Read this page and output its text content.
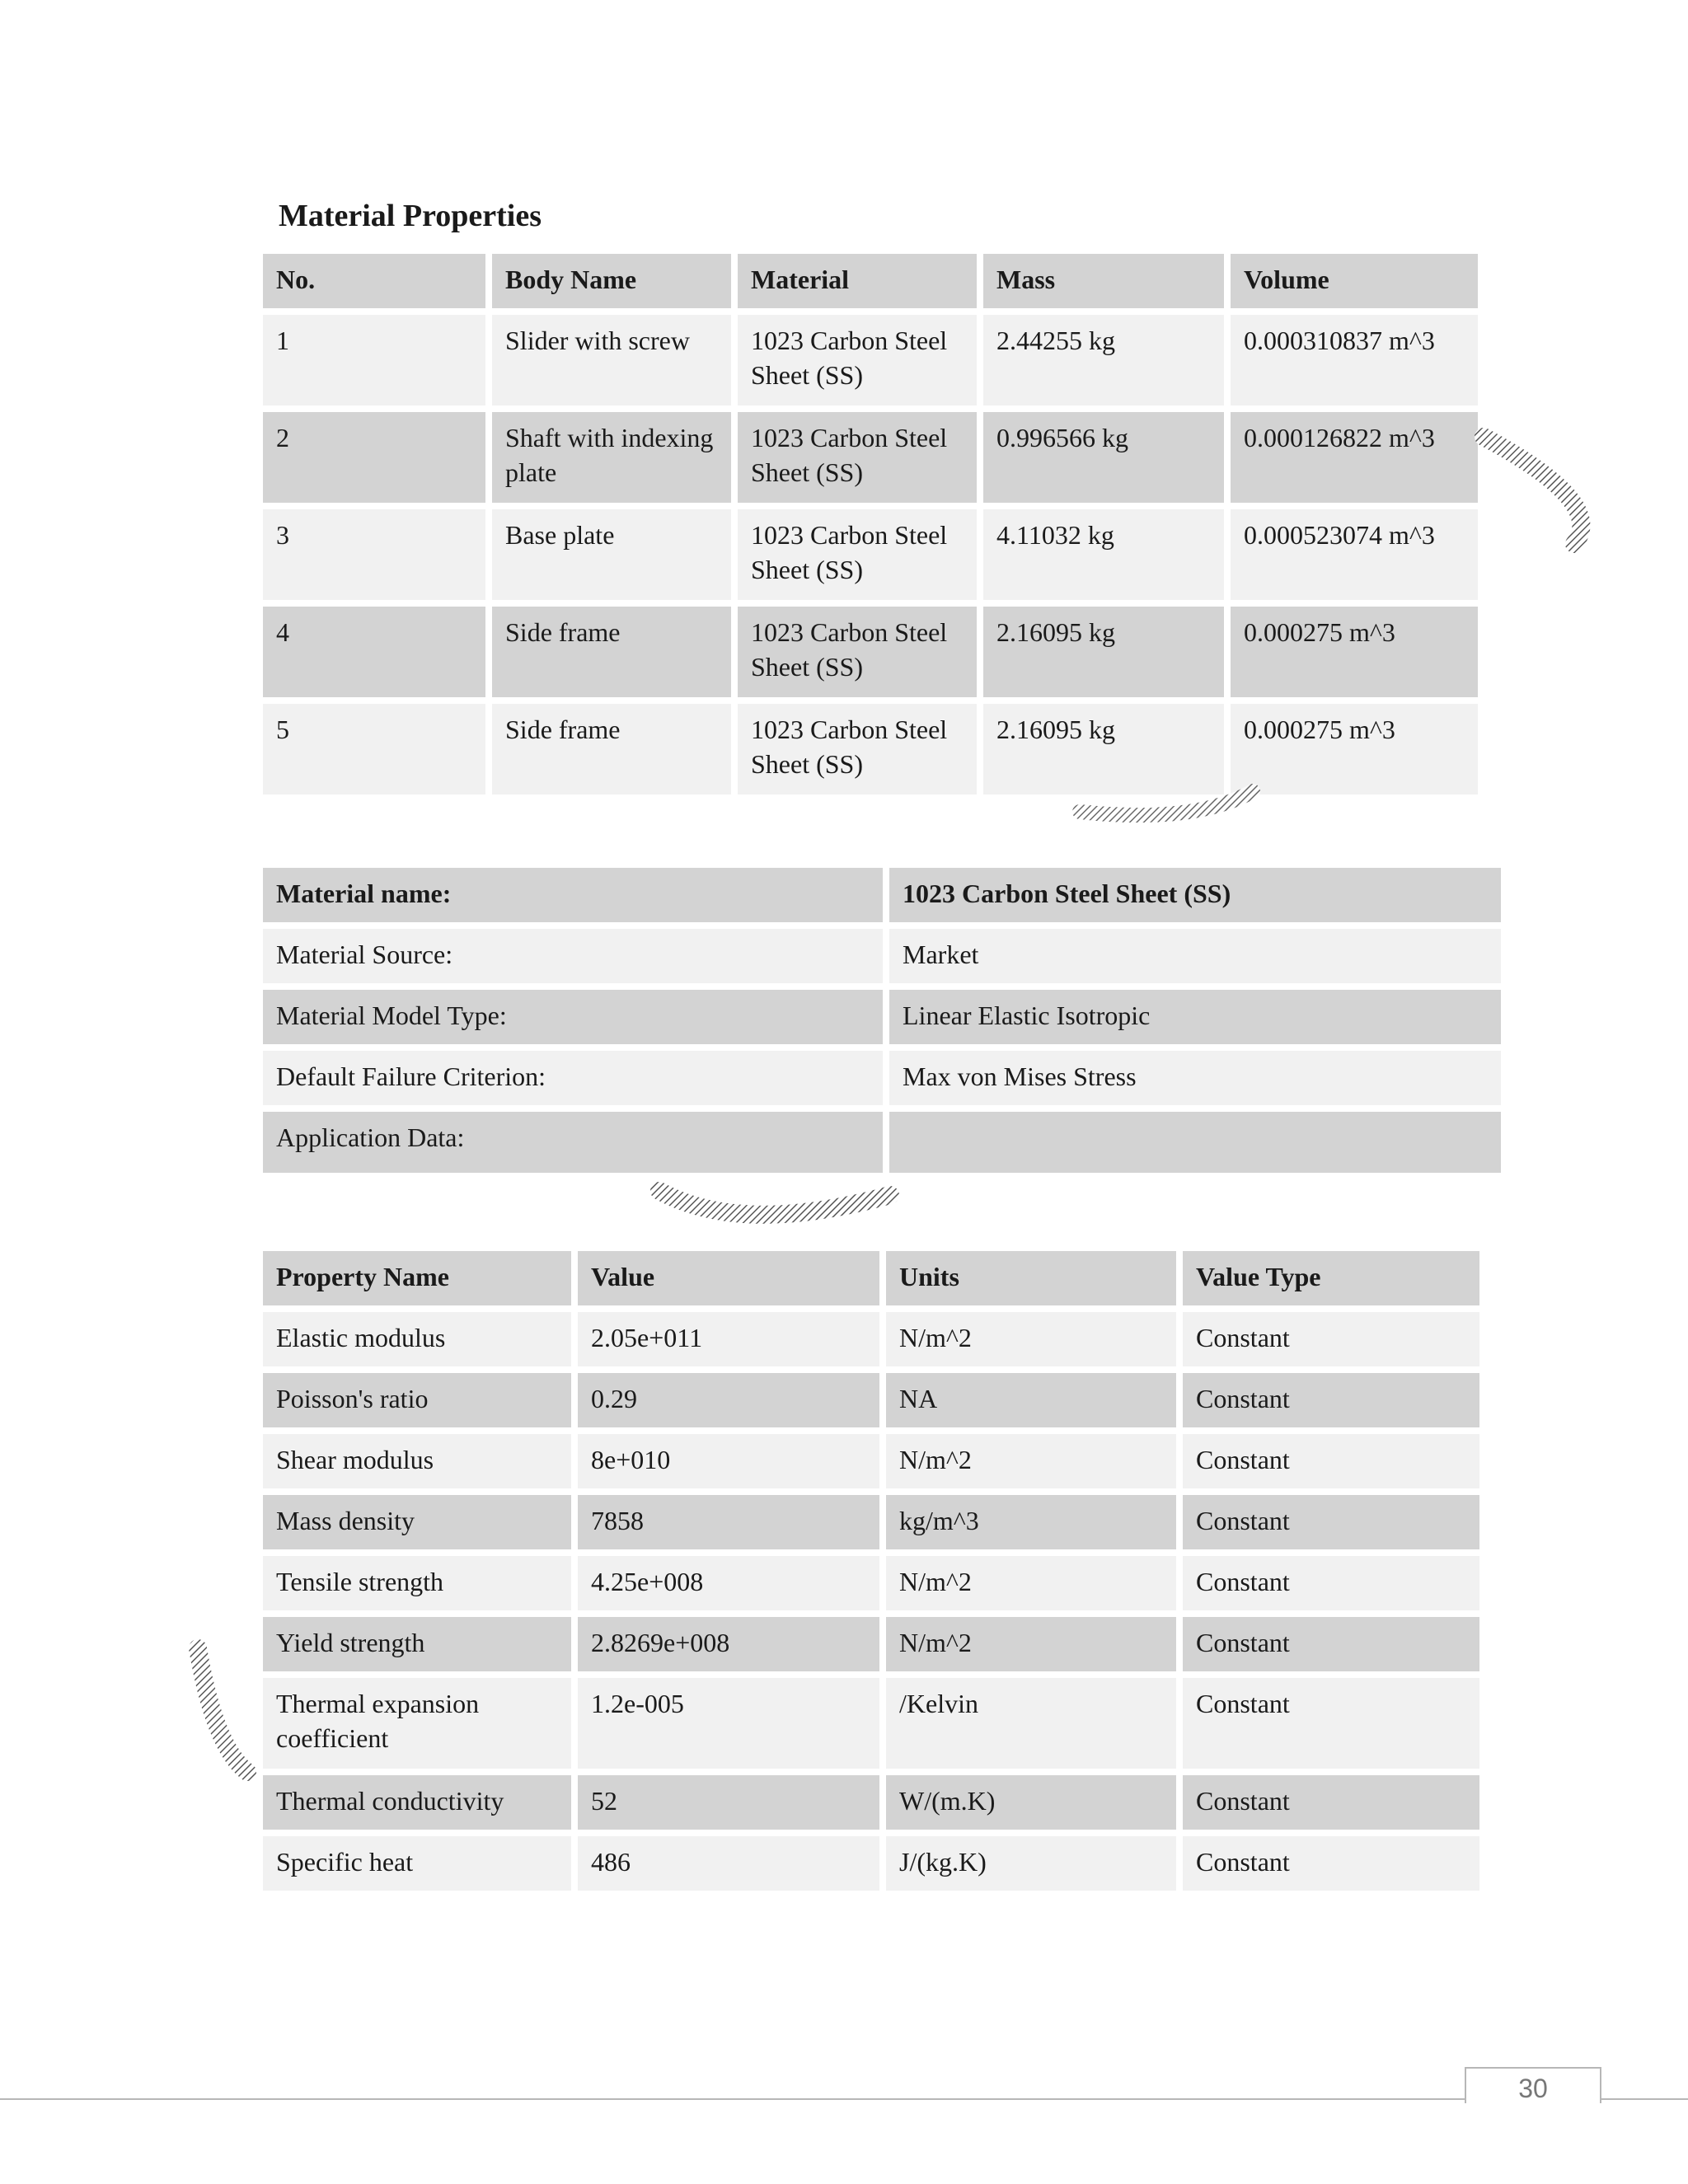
Material Properties
No.	Body Name	Material	Mass	Volume
1	Slider with screw	1023 Carbon Steel Sheet (SS)	2.44255 kg	0.000310837 m^3
2	Shaft with indexing plate	1023 Carbon Steel Sheet (SS)	0.996566 kg	0.000126822 m^3
3	Base plate	1023 Carbon Steel Sheet (SS)	4.11032 kg	0.000523074 m^3
4	Side frame	1023 Carbon Steel Sheet (SS)	2.16095 kg	0.000275 m^3
5	Side frame	1023 Carbon Steel Sheet (SS)	2.16095 kg	0.000275 m^3
Material name:	1023 Carbon Steel Sheet (SS)
Material Source:	Market
Material Model Type:	Linear Elastic Isotropic
Default Failure Criterion:	Max von Mises Stress
Application Data:	
Property Name	Value	Units	Value Type
Elastic modulus	2.05e+011	N/m^2	Constant
Poisson's ratio	0.29	NA	Constant
Shear modulus	8e+010	N/m^2	Constant
Mass density	7858	kg/m^3	Constant
Tensile strength	4.25e+008	N/m^2	Constant
Yield strength	2.8269e+008	N/m^2	Constant
Thermal expansion coefficient	1.2e-005	/Kelvin	Constant
Thermal conductivity	52	W/(m.K)	Constant
Specific heat	486	J/(kg.K)	Constant
30
